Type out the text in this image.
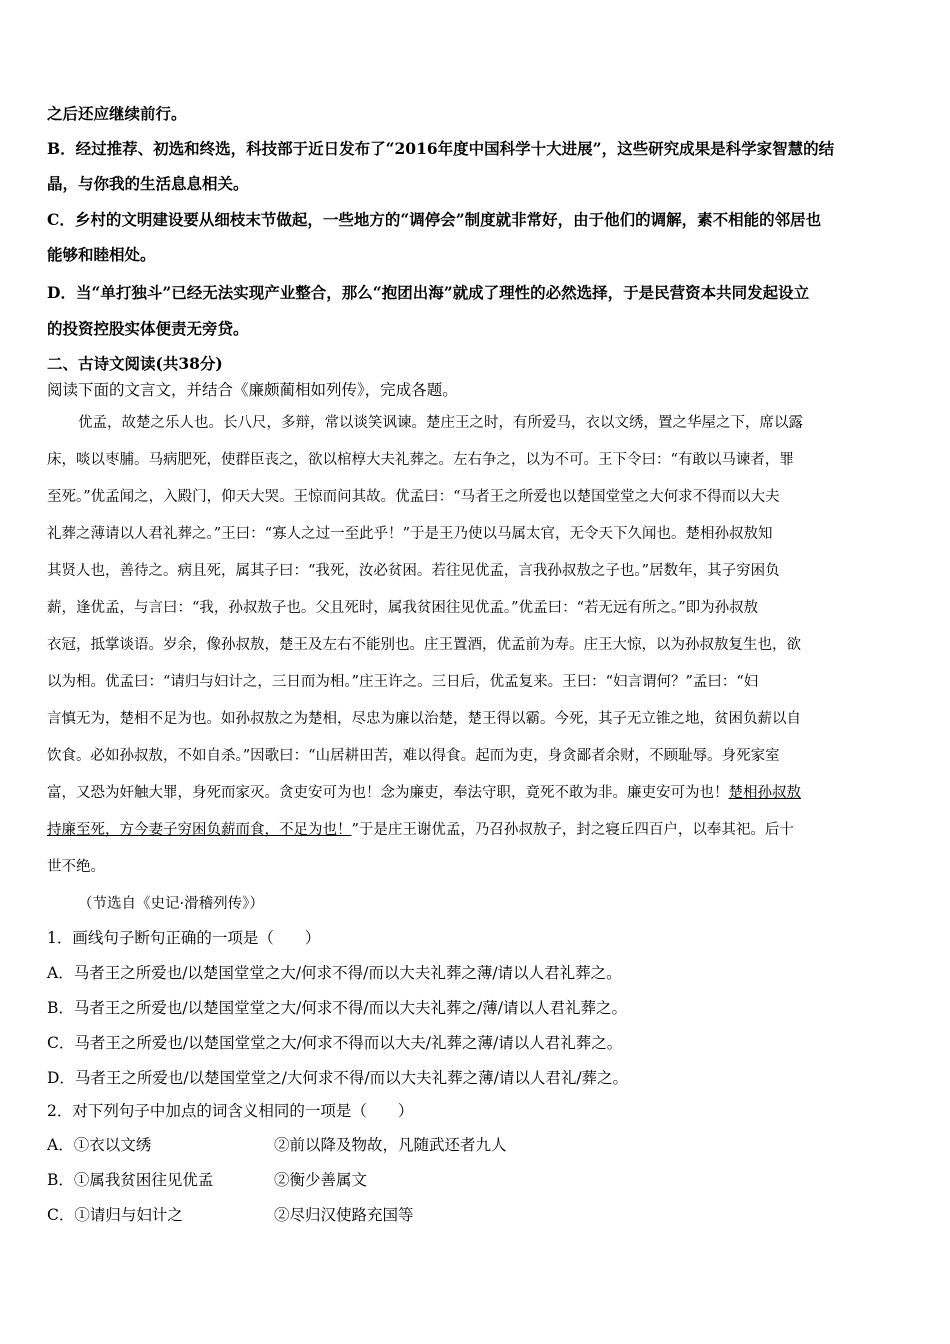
之后还应继续前行。
B．经过推荐、初选和终选，科技部于近日发布了“2016年度中国科学十大进展”，这些研究成果是科学家智慧的结
晶，与你我的生活息息相关。
C．乡村的文明建设要从细枝末节做起，一些地方的“调停会”制度就非常好，由于他们的调解，素不相能的邻居也
能够和睦相处。
D．当“单打独斗”已经无法实现产业整合，那么“抱团出海”就成了理性的必然选择，于是民营资本共同发起设立
的投资控股实体便责无旁贷。
二、古诗文阅读(共38分)
阅读下面的文言文，并结合《廉颇蔺相如列传》，完成各题。
优孟，故楚之乐人也。长八尺，多辩，常以谈笑讽谏。楚庄王之时，有所爱马，衣以文绣，置之华屋之下，席以露
床，啖以枣脯。马病肥死，使群臣丧之，欲以棺椁大夫礼葬之。左右争之，以为不可。王下令曰：“有敢以马谏者，罪
至死。”优孟闻之，入殿门，仰天大哭。王惊而问其故。优孟曰：“马者王之所爱也以楚国堂堂之大何求不得而以大夫
礼葬之薄请以人君礼葬之。”王曰：“寡人之过一至此乎！”于是王乃使以马属太官，无令天下久闻也。楚相孙叔敖知
其贤人也，善待之。病且死，属其子曰：“我死，汝必贫困。若往见优孟，言我孙叔敖之子也。”居数年，其子穷困负
薪，逢优孟，与言曰：“我，孙叔敖子也。父且死时，属我贫困往见优孟。”优孟曰：“若无远有所之。”即为孙叔敖
衣冠，抵掌谈语。岁余，像孙叔敖，楚王及左右不能别也。庄王置酒，优孟前为寿。庄王大惊，以为孙叔敖复生也，欲
以为相。优孟曰：“请归与妇计之，三日而为相。”庄王许之。三日后，优孟复来。王曰：“妇言谓何？”孟曰：“妇
言慎无为，楚相不足为也。如孙叔敖之为楚相，尽忠为廉以治楚，楚王得以霸。今死，其子无立锥之地，贫困负薪以自
饮食。必如孙叔敖，不如自杀。”因歌曰：“山居耕田苦，难以得食。起而为吏，身贪鄙者余财，不顾耻辱。身死家室
富，又恐为奸触大罪，身死而家灭。贪吏安可为也！念为廉吏，奉法守职，竟死不敢为非。廉吏安可为也！楚相孙叔敖
持廉至死，方今妻子穷困负薪而食，不足为也！”于是庄王谢优孟，乃召孙叔敖子，封之寝丘四百户，以奉其祀。后十
世不绝。
（节选自《史记·滑稽列传》）
1．画线句子断句正确的一项是（　　）
A．马者王之所爱也/以楚国堂堂之大/何求不得/而以大夫礼葬之薄/请以人君礼葬之。
B．马者王之所爱也/以楚国堂堂之大/何求不得/而以大夫礼葬之/薄/请以人君礼葬之。
C．马者王之所爱也/以楚国堂堂之大/何求不得而以大夫/礼葬之薄/请以人君礼葬之。
D．马者王之所爱也/以楚国堂堂之/大何求不得/而以大夫礼葬之薄/请以人君礼/葬之。
2．对下列句子中加点的词含义相同的一项是（　　）
A．①衣以文绣	②前以降及物故，凡随武还者九人
B．①属我贫困往见优孟	②衡少善属文
C．①请归与妇计之	②尽归汉使路充国等
